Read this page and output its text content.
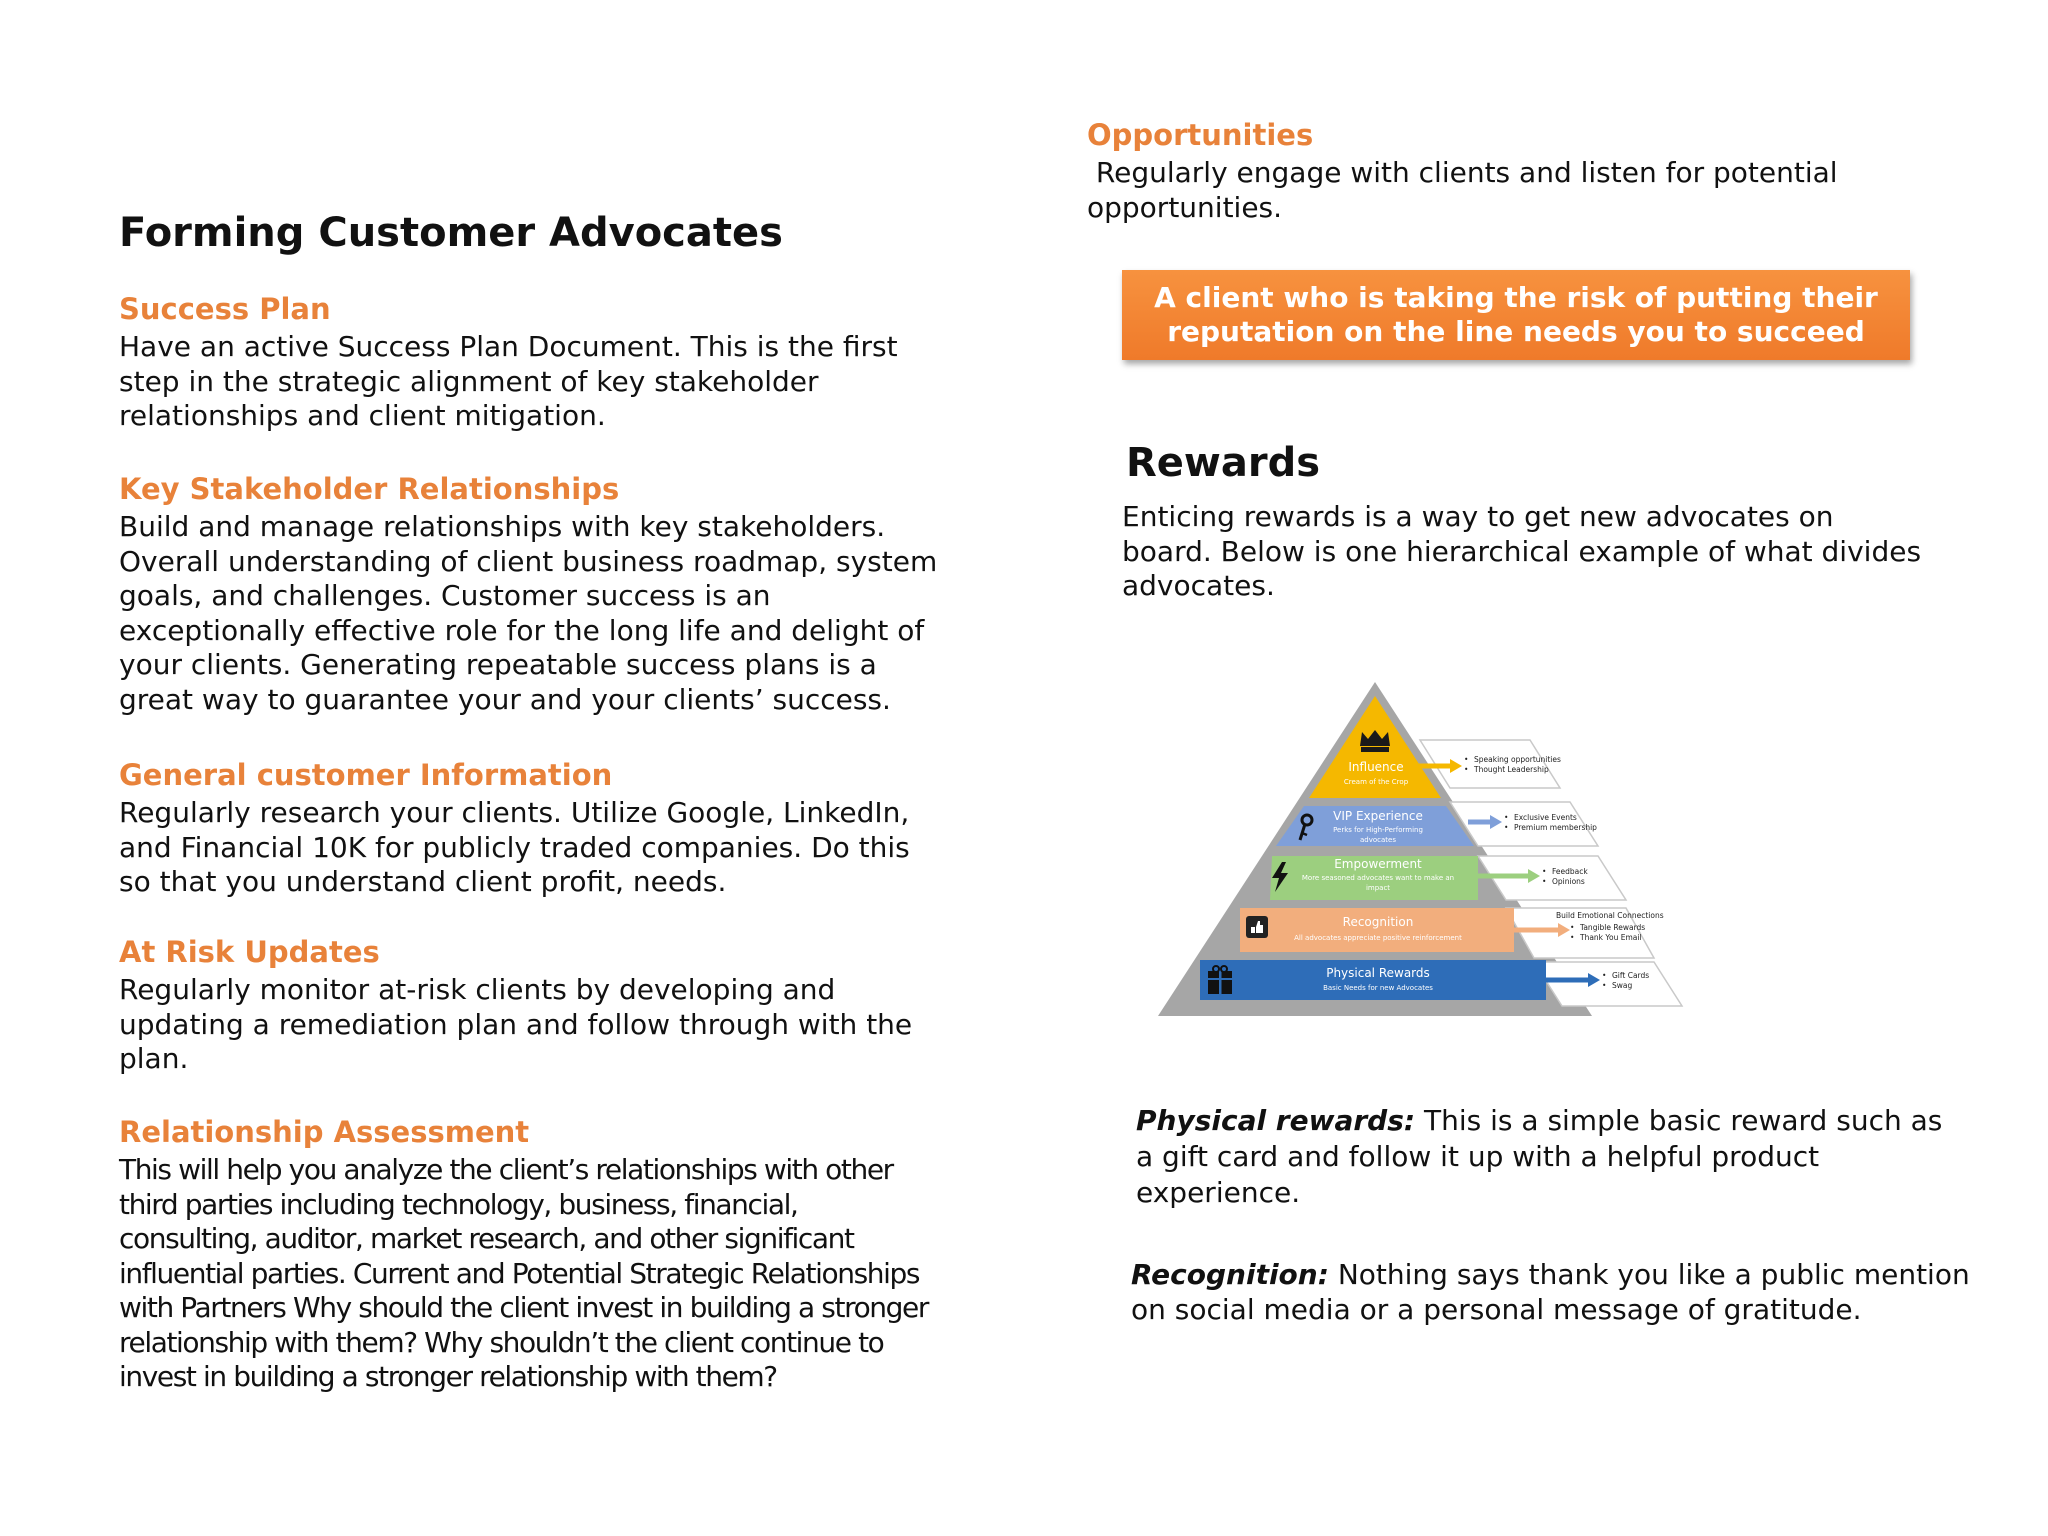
Forming Customer Advocates

Success Plan

Have an active Success Plan Document. This is the first
step in the strategic alignment of key stakeholder
relationships and client mitigation.

Key Stakeholder Relationships

Build and manage relationships with key stakeholders.
Overall understanding of client business roadmap, system
goals, and challenges. Customer success is an
exceptionally effective role for the long life and delight of
your clients. Generating repeatable success plans is a
great way to guarantee your and your clients’ success.

General customer Information

Regularly research your clients. Utilize Google, LinkedIn,
and Financial 10K for publicly traded companies. Do this
so that you understand client profit, needs.

At Risk Updates

Regularly monitor at-risk clients by developing and
updating a remediation plan and follow through with the
plan.

Relationship Assessment

This will help you analyze the client’s relationships with other
third parties including technology, business, financial,
consulting, auditor, market research, and other significant
influential parties. Current and Potential Strategic Relationships
with Partners Why should the client invest in building a stronger
relationship with them? Why shouldn’t the client continue to
invest in building a stronger relationship with them?

Opportunities

Regularly engage with clients and listen for potential
opportunities.

A client who is taking the risk of putting their
reputation on the line needs you to succeed
Rewards

Enticing rewards is a way to get new advocates on
board. Below is one hierarchical example of what divides
advocates.

Influence
Cream of the Crop
VIP Experience
Perks for High-Performing
advocates
Empowerment
More seasoned advocates want to make an
impact
Recognition
All advocates appreciate positive reinforcement
Physical Rewards
Basic Needs for new Advocates
• Speaking opportunities
• Thought Leadership
• Exclusive Events
• Premium membership
• Feedback
• Opinions
Build Emotional Connections
• Tangible Rewards
• Thank You Email
• Gift Cards
• Swag

Physical rewards: This is a simple basic reward such as
a gift card and follow it up with a helpful product
experience.

Recognition: Nothing says thank you like a public mention
on social media or a personal message of gratitude.
